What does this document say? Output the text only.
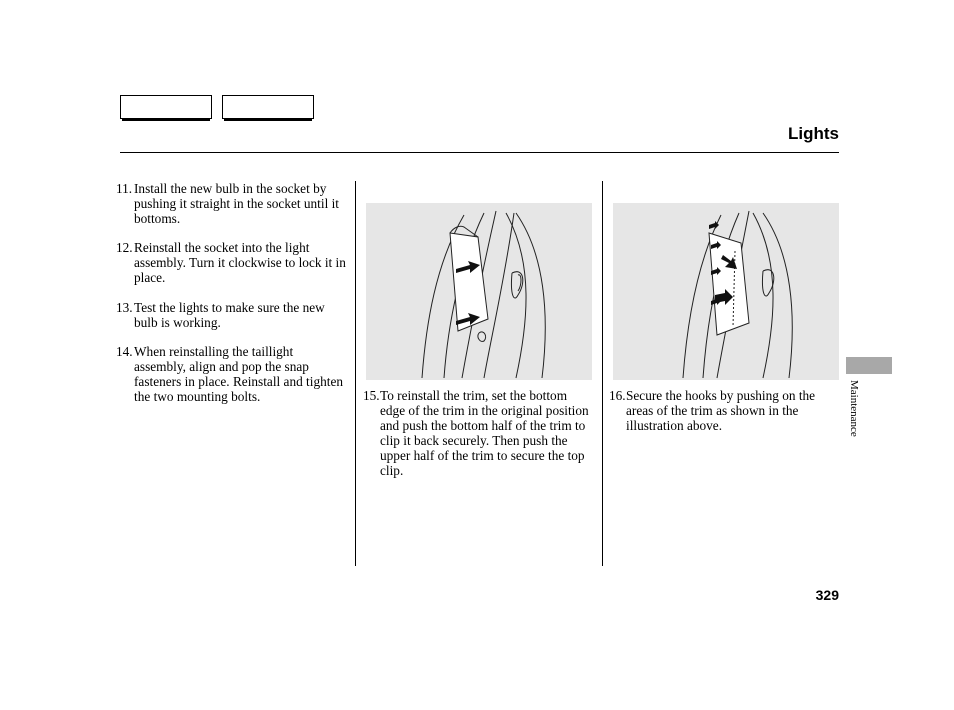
Lights
11. Install the new bulb in the socket by pushing it straight in the socket until it bottoms.
12. Reinstall the socket into the light assembly. Turn it clockwise to lock it in place.
13. Test the lights to make sure the new bulb is working.
14. When reinstalling the taillight assembly, align and pop the snap fasteners in place. Reinstall and tighten the two mounting bolts.	15. To reinstall the trim, set the bottom edge of the trim in the original position and push the bottom half of the trim to clip it back securely. Then push the upper half of the trim to secure the top clip.
16. Secure the hooks by pushing on the areas of the trim as shown in the illustration above.	Maintenance
329
